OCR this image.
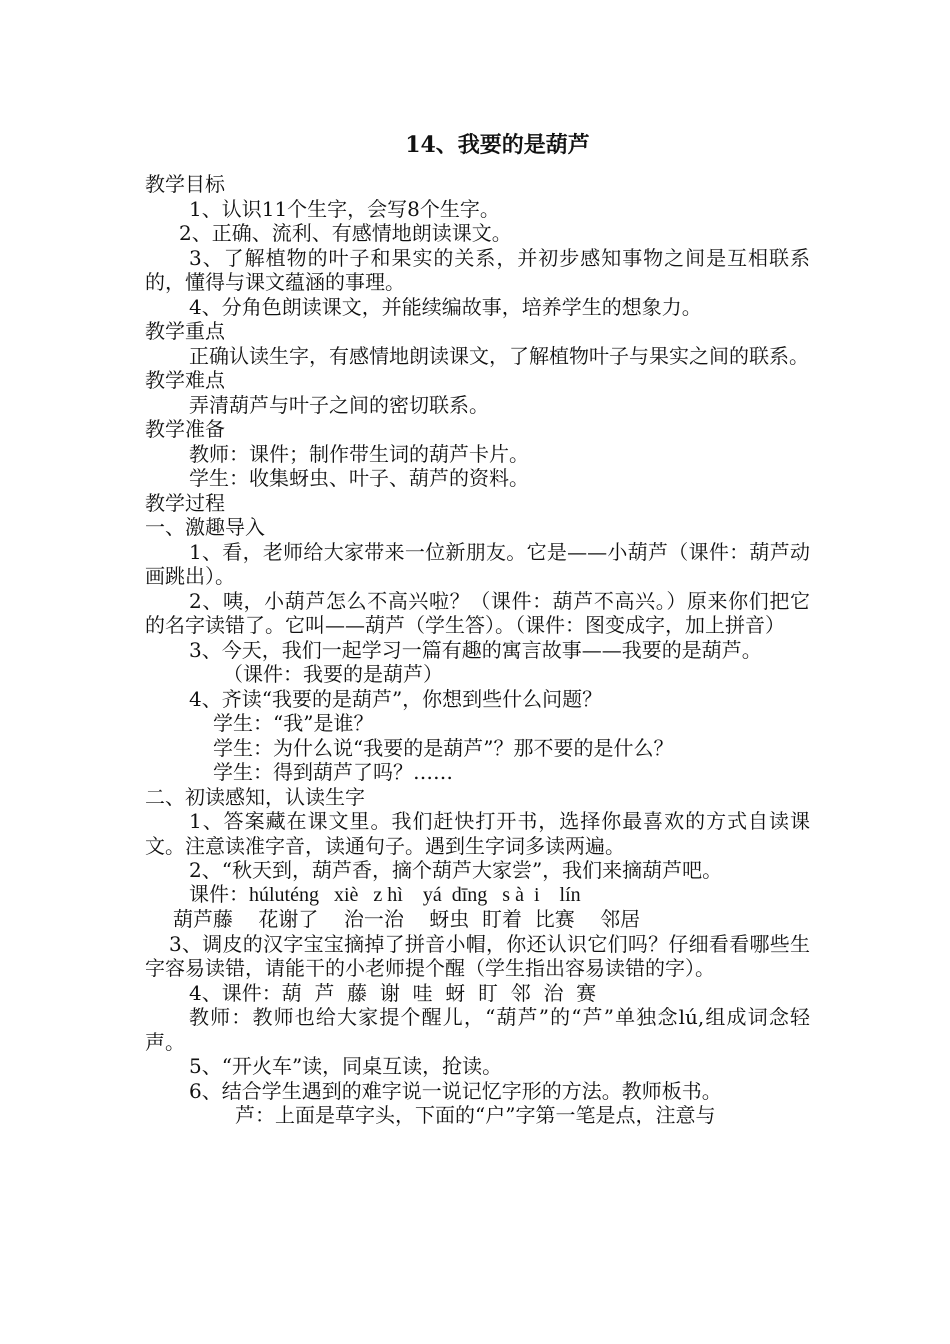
14、我要的是葫芦

教学目标

1、认识11个生字，会写8个生字。

2、正确、流利、有感情地朗读课文。

3、了解植物的叶子和果实的关系，并初步感知事物之间是互相联系的，懂得与课文蕴涵的事理。

4、分角色朗读课文，并能续编故事，培养学生的想象力。

教学重点

正确认读生字，有感情地朗读课文，了解植物叶子与果实之间的联系。

教学难点

弄清葫芦与叶子之间的密切联系。

教学准备

教师：课件；制作带生词的葫芦卡片。

学生：收集蚜虫、叶子、葫芦的资料。

教学过程

一、激趣导入

1、看，老师给大家带来一位新朋友。它是——小葫芦（课件：葫芦动画跳出）。

2、咦，小葫芦怎么不高兴啦？（课件：葫芦不高兴。）原来你们把它的名字读错了。它叫——葫芦（学生答）。（课件：图变成字，加上拼音）

3、今天，我们一起学习一篇有趣的寓言故事——我要的是葫芦。

（课件：我要的是葫芦）

4、齐读“我要的是葫芦”，你想到些什么问题？

学生：“我”是谁？

学生：为什么说“我要的是葫芦”？那不要的是什么？

学生：得到葫芦了吗？……

二、初读感知，认读生字

1、答案藏在课文里。我们赶快打开书，选择你最喜欢的方式自读课文。注意读准字音，读通句子。遇到生字词多读两遍。

2、“秋天到，葫芦香，摘个葫芦大家尝”，我们来摘葫芦吧。

课件：húluténg   xiè   z hì    yá  dīng   s à  i    lín

葫芦藤    花谢了    治一治    蚜虫  盯着  比赛    邻居

3、调皮的汉字宝宝摘掉了拼音小帽，你还认识它们吗？仔细看看哪些生字容易读错，请能干的小老师提个醒（学生指出容易读错的字）。

4、课件：葫  芦  藤  谢  哇  蚜  盯  邻  治  赛

教师：教师也给大家提个醒儿，“葫芦”的“芦”单独念lú,组成词念轻声。

5、“开火车”读，同桌互读，抢读。

6、结合学生遇到的难字说一说记忆字形的方法。教师板书。

芦：上面是草字头，下面的“户”字第一笔是点，注意与
